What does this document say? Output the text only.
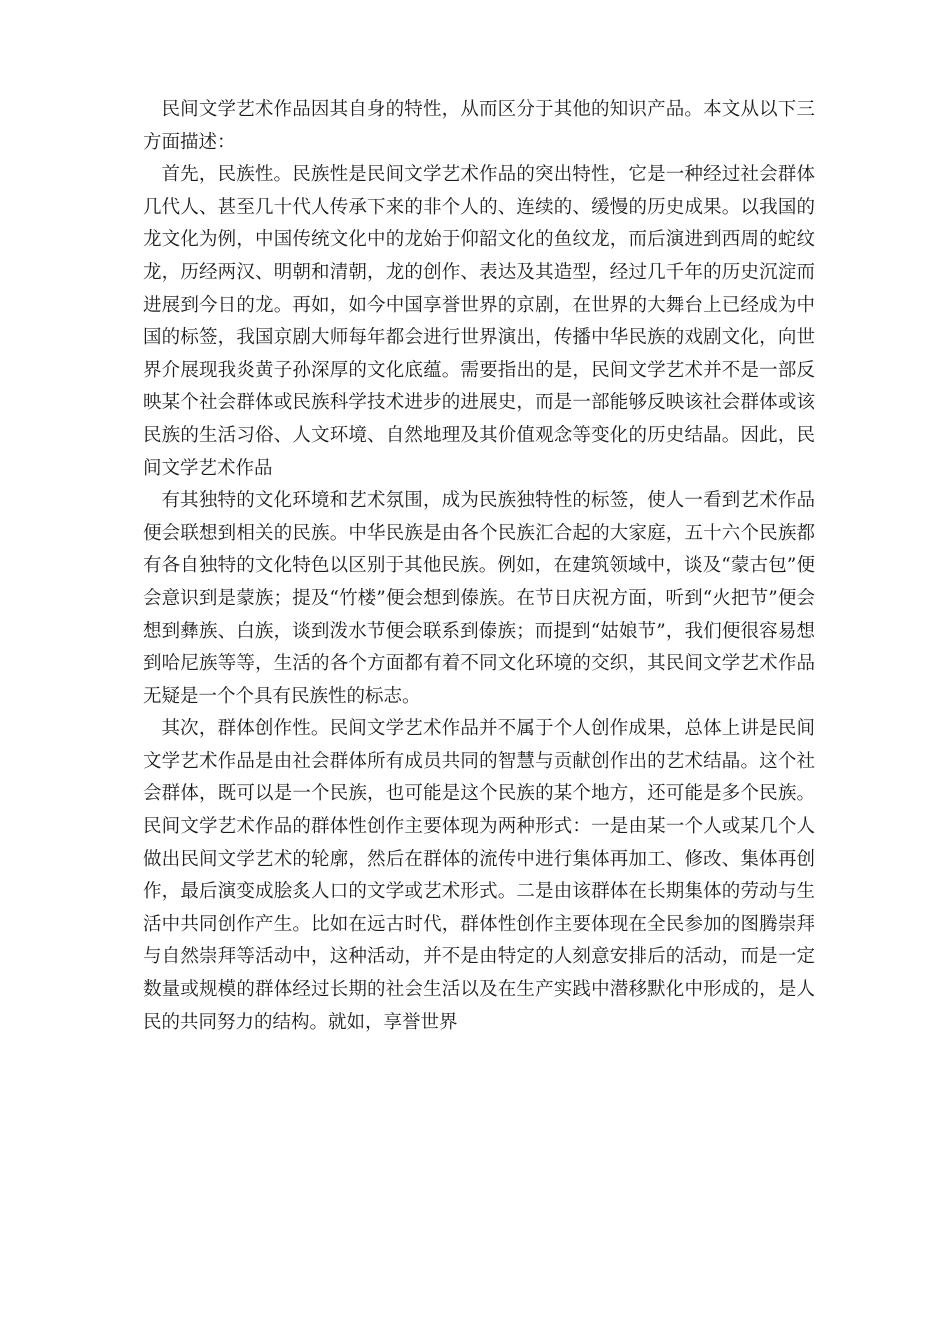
民间文学艺术作品因其自身的特性，从而区分于其他的知识产品。本文从以下三方面描述：

首先，民族性。民族性是民间文学艺术作品的突出特性，它是一种经过社会群体几代人、甚至几十代人传承下来的非个人的、连续的、缓慢的历史成果。以我国的龙文化为例，中国传统文化中的龙始于仰韶文化的鱼纹龙，而后演进到西周的蛇纹龙，历经两汉、明朝和清朝，龙的创作、表达及其造型，经过几千年的历史沉淀而进展到今日的龙。再如，如今中国享誉世界的京剧，在世界的大舞台上已经成为中国的标签，我国京剧大师每年都会进行世界演出，传播中华民族的戏剧文化，向世界介展现我炎黄子孙深厚的文化底蕴。需要指出的是，民间文学艺术并不是一部反映某个社会群体或民族科学技术进步的进展史，而是一部能够反映该社会群体或该民族的生活习俗、人文环境、自然地理及其价值观念等变化的历史结晶。因此，民间文学艺术作品

有其独特的文化环境和艺术氛围，成为民族独特性的标签，使人一看到艺术作品便会联想到相关的民族。中华民族是由各个民族汇合起的大家庭，五十六个民族都有各自独特的文化特色以区别于其他民族。例如，在建筑领域中，谈及“蒙古包”便会意识到是蒙族；提及“竹楼”便会想到傣族。在节日庆祝方面，听到“火把节”便会想到彝族、白族，谈到泼水节便会联系到傣族；而提到“姑娘节”，我们便很容易想到哈尼族等等，生活的各个方面都有着不同文化环境的交织，其民间文学艺术作品无疑是一个个具有民族性的标志。

其次，群体创作性。民间文学艺术作品并不属于个人创作成果，总体上讲是民间文学艺术作品是由社会群体所有成员共同的智慧与贡献创作出的艺术结晶。这个社会群体，既可以是一个民族，也可能是这个民族的某个地方，还可能是多个民族。民间文学艺术作品的群体性创作主要体现为两种形式：一是由某一个人或某几个人做出民间文学艺术的轮廓，然后在群体的流传中进行集体再加工、修改、集体再创作，最后演变成脍炙人口的文学或艺术形式。二是由该群体在长期集体的劳动与生活中共同创作产生。比如在远古时代，群体性创作主要体现在全民参加的图腾崇拜与自然崇拜等活动中，这种活动，并不是由特定的人刻意安排后的活动，而是一定数量或规模的群体经过长期的社会生活以及在生产实践中潜移默化中形成的，是人民的共同努力的结构。就如，享誉世界
